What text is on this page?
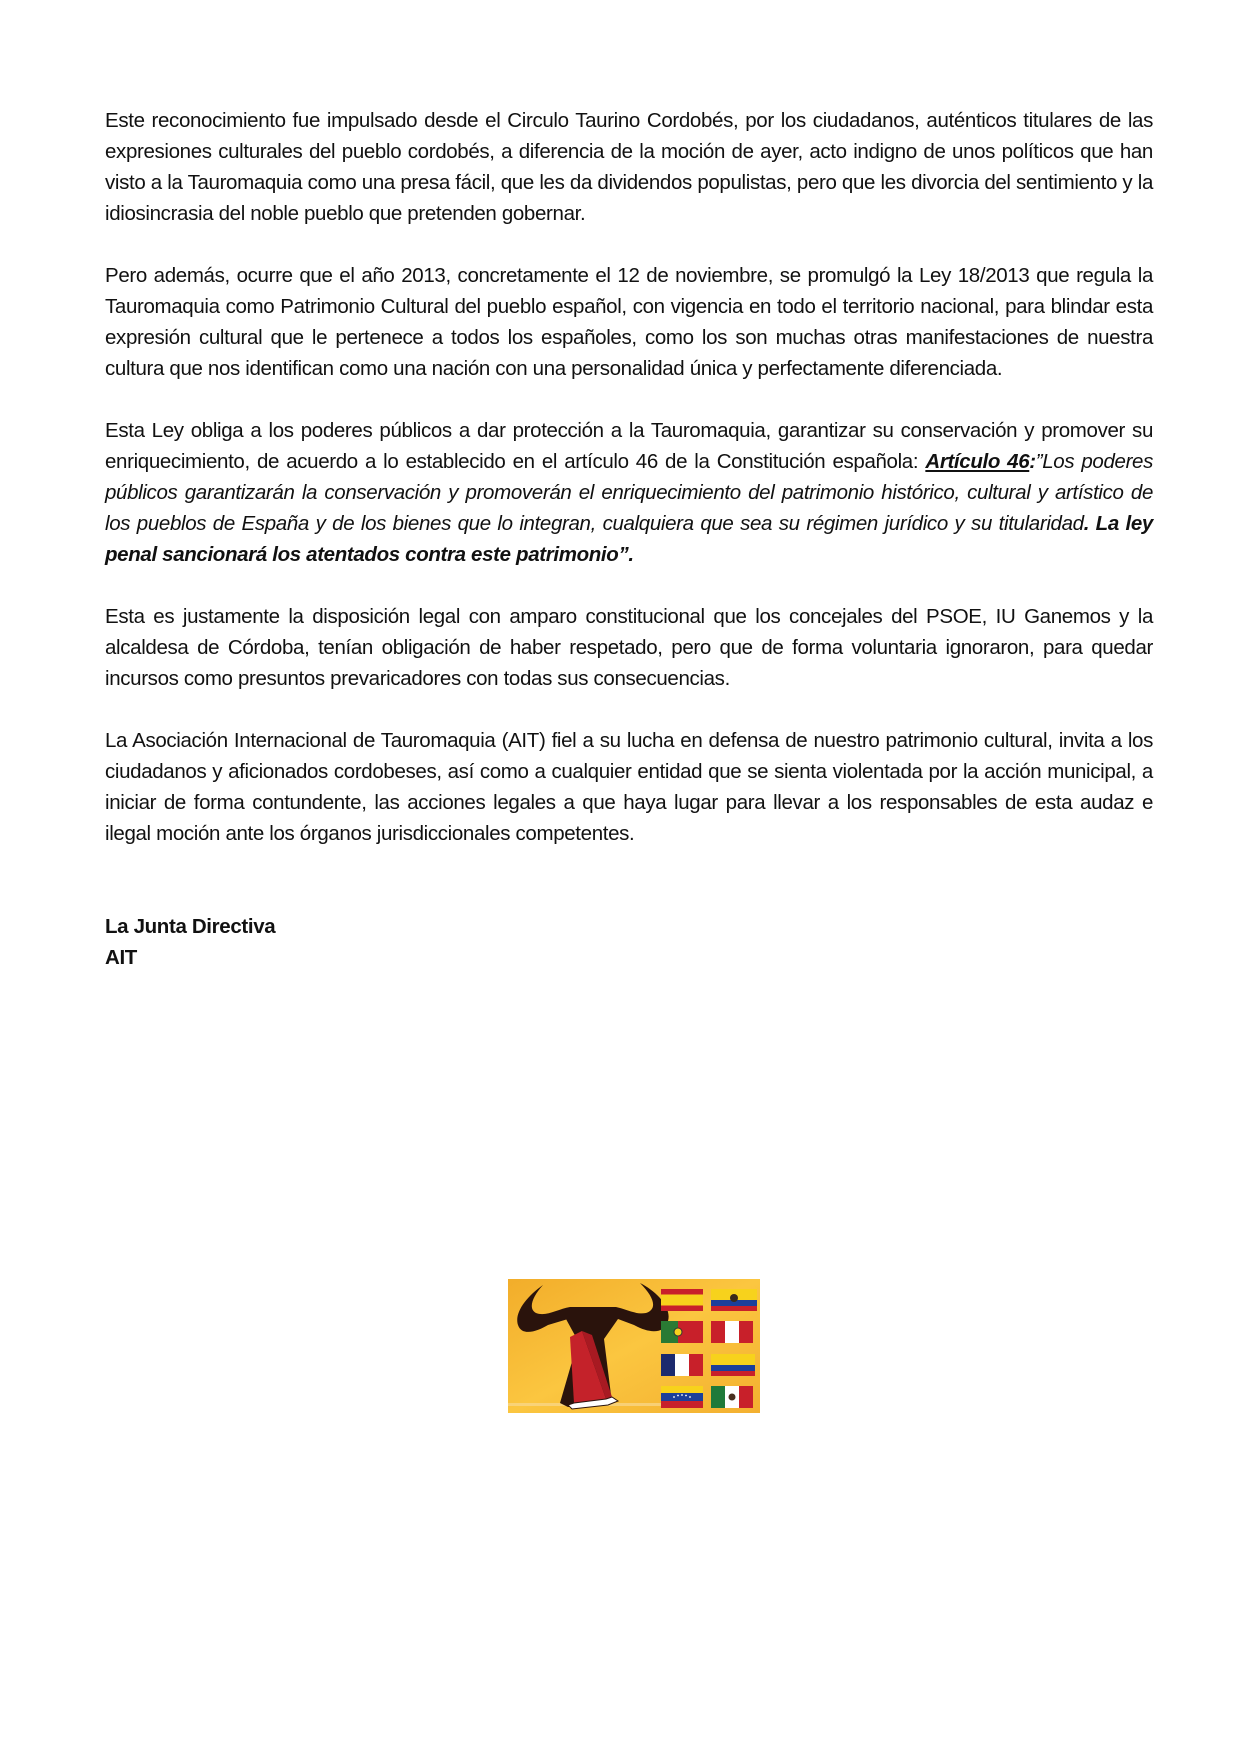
Este reconocimiento fue impulsado desde el Circulo Taurino Cordobés, por los ciudadanos, auténticos titulares de las expresiones culturales del pueblo cordobés, a diferencia de la moción de ayer, acto indigno de unos políticos que han visto a la Tauromaquia como una presa fácil, que les da dividendos populistas, pero que les divorcia del sentimiento y la idiosincrasia del noble pueblo que pretenden gobernar.

Pero además, ocurre que el año 2013, concretamente el 12 de noviembre, se promulgó la Ley 18/2013 que regula la Tauromaquia como Patrimonio Cultural del pueblo español, con vigencia en todo el territorio nacional, para blindar esta expresión cultural que le pertenece a todos los españoles, como los son muchas otras manifestaciones de nuestra cultura que nos identifican como una nación con una personalidad única y perfectamente diferenciada.

Esta Ley obliga a los poderes públicos a dar protección a la Tauromaquia, garantizar su conservación y promover su enriquecimiento, de acuerdo a lo establecido en el artículo 46 de la Constitución española: Artículo 46:”Los poderes públicos garantizarán la conservación y promoverán el enriquecimiento del patrimonio histórico, cultural y artístico de los pueblos de España y de los bienes que lo integran, cualquiera que sea su régimen jurídico y su titularidad. La ley penal sancionará los atentados contra este patrimonio”.

Esta es justamente la disposición legal con amparo constitucional que los concejales del PSOE, IU Ganemos y la alcaldesa de Córdoba, tenían obligación de haber respetado, pero que de forma voluntaria ignoraron, para quedar incursos como presuntos prevaricadores con todas sus consecuencias.

La Asociación Internacional de Tauromaquia (AIT) fiel a su lucha en defensa de nuestro patrimonio cultural, invita a los ciudadanos y aficionados cordobeses, así como a cualquier entidad que se sienta violentada por la acción municipal, a iniciar de forma contundente, las acciones legales a que haya lugar para llevar a los responsables de esta audaz e ilegal moción ante los órganos jurisdiccionales competentes.

La Junta Directiva
AIT
